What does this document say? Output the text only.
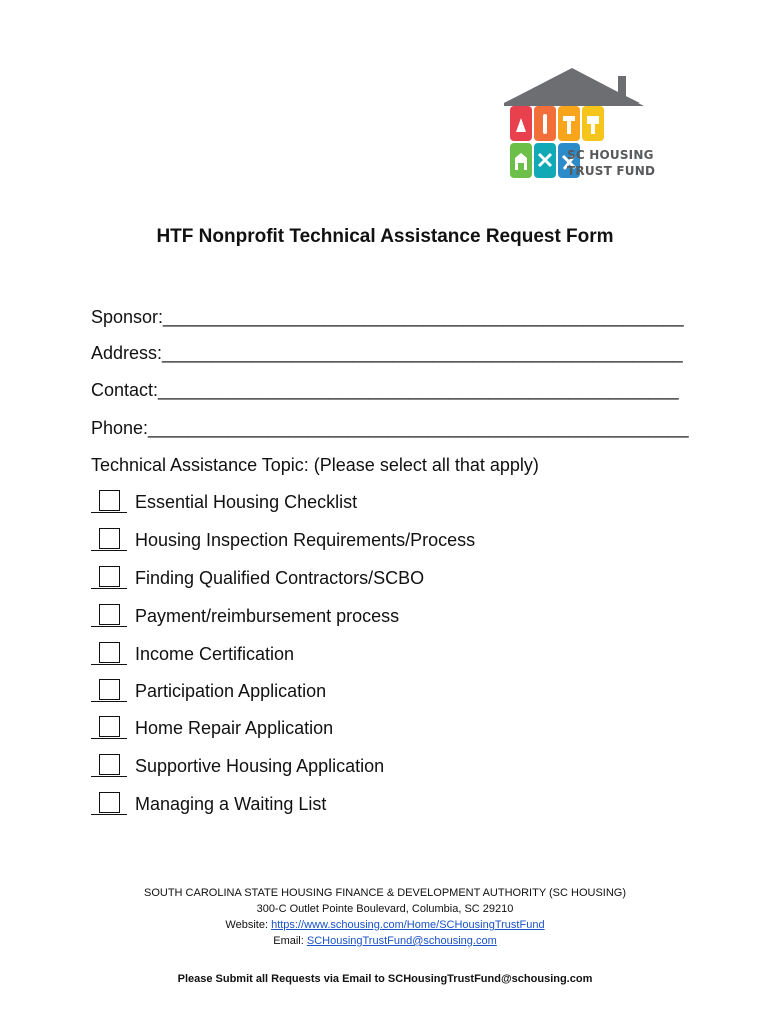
SC HOUSING
TRUST FUND
HTF Nonprofit Technical Assistance Request Form
Sponsor:____________________________________________________
Address:____________________________________________________
Contact:____________________________________________________
Phone:______________________________________________________
Technical Assistance Topic: (Please select all that apply)
Essential Housing Checklist
Housing Inspection Requirements/Process
Finding Qualified Contractors/SCBO
Payment/reimbursement process
Income Certification
Participation Application
Home Repair Application
Supportive Housing Application
Managing a Waiting List
SOUTH CAROLINA STATE HOUSING FINANCE & DEVELOPMENT AUTHORITY (SC HOUSING)
300-C Outlet Pointe Boulevard, Columbia, SC 29210
Website: https://www.schousing.com/Home/SCHousingTrustFund
Email: SCHousingTrustFund@schousing.com
Please Submit all Requests via Email to SCHousingTrustFund@schousing.com
